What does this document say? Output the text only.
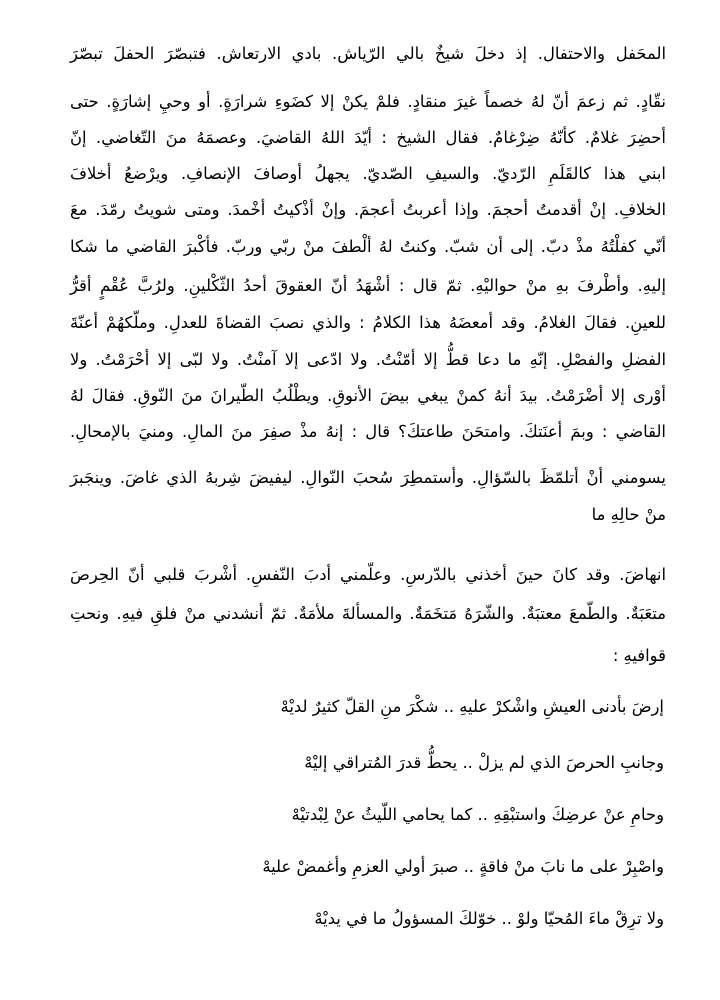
المحَفل والاحتفال. إذ دخلَ شيخٌ بالي الرّياش. بادي الارتعاش. فتبصّرَ الحفلَ تبصّرَ
نقّادٍ. ثم زعمَ أنّ لهُ خصماً غيرَ منقادٍ. فلمْ يكنْ إلا كضَوءِ شرارَةٍ. أو وحيِ إشارَةٍ. حتى
أحضِرَ غلامٌ. كأنّهُ ضِرْغامٌ. فقال الشيخ : أيّدَ اللهُ القاضيَ. وعصمَهُ منَ التّغاضي. إنّ
ابني هذا كالقَلَمِ الرّديّ. والسيفِ الصّديّ. يجهلُ أوصافَ الإنصافِ. ويرْضعُ أخلافَ
الخلافِ. إنْ أقدمتُ أحجمَ. وإذا أعربتُ أعجمَ. وإنْ أذْكيتُ أخْمدَ. ومتى شويتُ رمّدَ. معَ
أنّي كفلْتُهُ مذْ دبّ. إلى أن شبّ. وكنتُ لهُ ألْطفَ منْ ربّي وربّ. فأكْبرَ القاضي ما شكا
إليهِ. وأطْرفَ بهِ منْ حواليْهِ. ثمّ قال : أشْهَدُ أنّ العقوقَ أحدُ الثّكْلينِ. ولرُبَّ عُقْمٍ أقرُّ
للعينِ. فقالَ الغلامُ. وقد أمعضَهُ هذا الكلامُ : والذي نصبَ القضاةَ للعدلِ. وملّكهُمْ أعنّةَ
الفضلِ والفصْلِ. إنّهِ ما دعا قطُّ إلا أمّنْتُ. ولا ادّعى إلا آمنْتُ. ولا لبّى إلا أحْرَمْتُ. ولا
أوْرى إلا أضْرَمْتُ. بيدَ أنهُ كمنْ يبغي بيضَ الأنوقِ. ويطْلُبُ الطّيرانَ منَ النّوقِ. فقالَ لهُ
القاضي : وبمَ أعنَتكَ. وامتحَنَ طاعتكَ؟ قال : إنهُ مذْ صفِرَ منَ المالِ. ومنيَ بالإمحالِ.
يسومني أنْ أتلمّظَ بالسّؤالِ. وأستمطِرَ سُحبَ النّوالِ. ليفيضَ شِربهُ الذي غاضَ. وينجَبرَ
منْ حالِهِ ما
انهاضَ. وقد كانَ حينَ أخذني بالدّرسِ. وعلّمني أدبَ النّفسِ. أشْربَ قلبي أنّ الحِرصَ
متعَبَةٌ. والطّمعَ معتبَةٌ. والشّرَهُ مَتخَمَةٌ. والمسألةَ ملأمَةٌ. ثمّ أنشدني منْ فلقِ فيهِ. ونحتِ
قوافيهِ :
إرضَ بأدنى العيشِ واشْكرْ عليهِ .. شكْرَ منِ القلّ كثيرٌ لديْهْ
وجانبِ الحرصَ الذي لم يزلْ .. يحطُّ قدرَ المُتراقي إليْهْ
وحامِ عنْ عرضِكَ واستبْقِهِ .. كما يحامي اللّيثُ عنْ لِبْدتيْهْ
واصْبِرْ على ما نابَ منْ فاقةٍ .. صبرَ أولي العزمِ وأغمضْ عليهْ
ولا ترِقْ ماءَ المُحيّا ولوْ .. خوّلكَ المسؤولُ ما في يديْهْ
